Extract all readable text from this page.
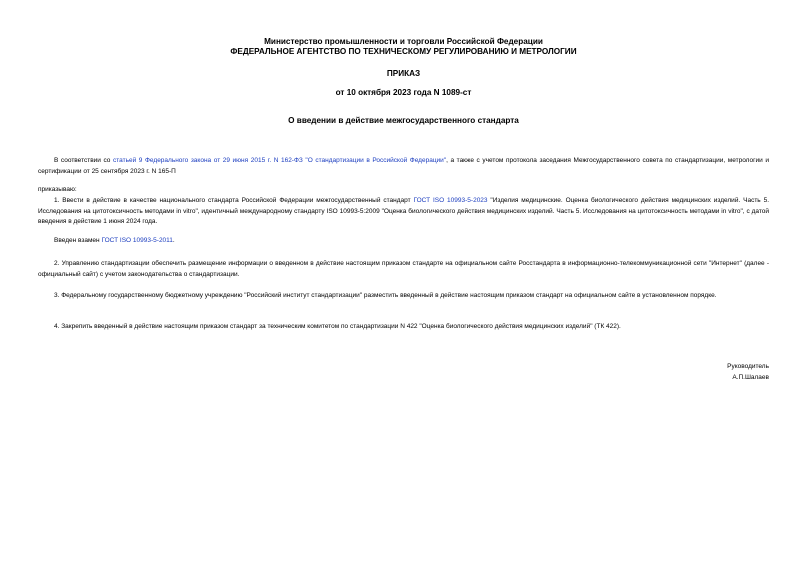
Министерство промышленности и торговли Российской Федерации
ФЕДЕРАЛЬНОЕ АГЕНТСТВО ПО ТЕХНИЧЕСКОМУ РЕГУЛИРОВАНИЮ И МЕТРОЛОГИИ
ПРИКАЗ
от 10 октября 2023 года N 1089-ст
О введении в действие межгосударственного стандарта
В соответствии со статьей 9 Федерального закона от 29 июня 2015 г. N 162-ФЗ "О стандартизации в Российской Федерации", а также с учетом протокола заседания Межгосударственного совета по стандартизации, метрологии и сертификации от 25 сентября 2023 г. N 165-П
приказываю:
1. Ввести в действие в качестве национального стандарта Российской Федерации межгосударственный стандарт ГОСТ ISO 10993-5-2023 "Изделия медицинские. Оценка биологического действия медицинских изделий. Часть 5. Исследования на цитотоксичность методами in vitro", идентичный международному стандарту ISO 10993-5:2009 "Оценка биологического действия медицинских изделий. Часть 5. Исследования на цитотоксичность методами in vitro", с датой введения в действие 1 июня 2024 года.
Введен взамен ГОСТ ISO 10993-5-2011.
2. Управлению стандартизации обеспечить размещение информации о введенном в действие настоящим приказом стандарте на официальном сайте Росстандарта в информационно-телекоммуникационной сети "Интернет" (далее - официальный сайт) с учетом законодательства о стандартизации.
3. Федеральному государственному бюджетному учреждению "Российский институт стандартизации" разместить введенный в действие настоящим приказом стандарт на официальном сайте в установленном порядке.
4. Закрепить введенный в действие настоящим приказом стандарт за техническим комитетом по стандартизации N 422 "Оценка биологического действия медицинских изделий" (ТК 422).
Руководитель
А.П.Шалаев
